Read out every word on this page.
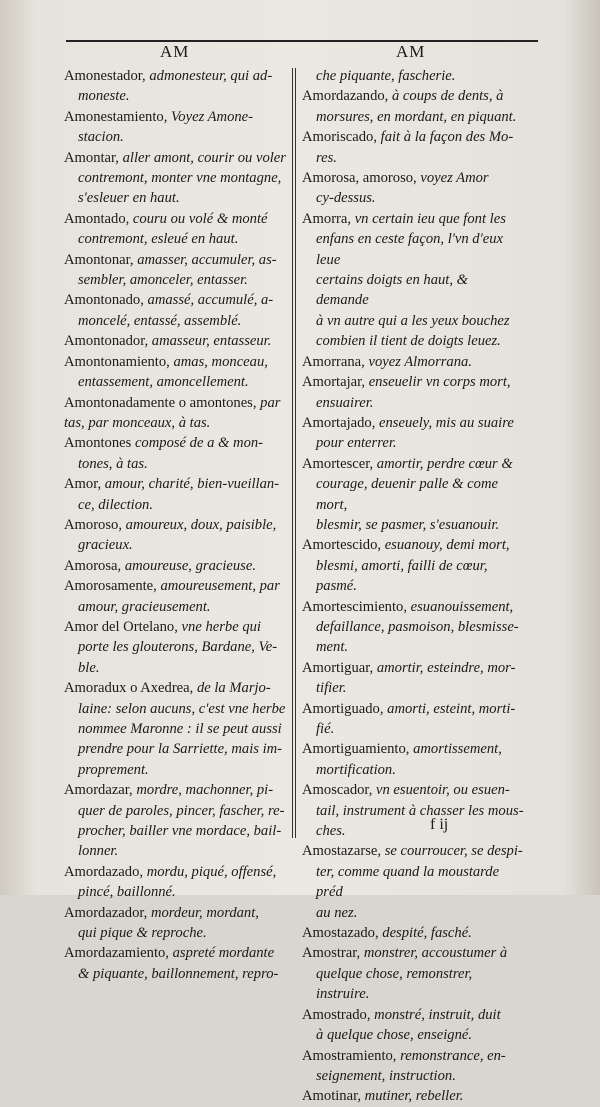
AM	AM
Amonestador, admonesteur, qui ad-
moneste.
Amonestamiento, Voyez Amone-
stacion.
Amontar, aller amont, courir ou voler
contremont, monter vne montagne,
s'esleuer en haut.
Amontado, couru ou volé & monté
contremont, esleué en haut.
Amontonar, amasser, accumuler, as-
sembler, amonceler, entasser.
Amontonado, amassé, accumulé, a-
moncelé, entassé, assemblé.
Amontonador, amasseur, entasseur.
Amontonamiento, amas, monceau,
entassement, amoncellement.
Amontonadamente o amontones, par tas, par monceaux, à tas.
Amontones composé de a & mon-
tones, à tas.
Amor, amour, charité, bien-vueillan-
ce, dilection.
Amoroso, amoureux, doux, paisible,
gracieux.
Amorosa, amoureuse, gracieuse.
Amorosamente, amoureusement, par
amour, gracieusement.
Amor del Ortelano, vne herbe qui
porte les glouterons, Bardane, Ve-
ble.
Amoradux o Axedrea, de la Marjo-
laine: selon aucuns, c'est vne herbe
nommee Maronne : il se peut aussi
prendre pour la Sarriette, mais im-
proprement.
Amordazar, mordre, machonner, pi-
quer de paroles, pincer, fascher, re-
procher, bailler vne mordace, bail-
lonner.
Amordazado, mordu, piqué, offensé,
pincé, baillonné.
Amordazador, mordeur, mordant,
qui pique & reproche.
Amordazamiento, aspreté mordante
& piquante, baillonnement, repro-
che piquante, fascherie.
Amordazando, à coups de dents, à
morsures, en mordant, en piquant.
Amoriscado, fait à la façon des Mo-
res.
Amorosa, amoroso, voyez Amor
cy-dessus.
Amorra, vn certain ieu que font les
enfans en ceste façon, l'vn d'eux leue
certains doigts en haut, & demande
à vn autre qui a les yeux bouchez
combien il tient de doigts leuez.
Amorrana, voyez Almorrana.
Amortajar, enseuelir vn corps mort,
ensuairer.
Amortajado, enseuely, mis au suaire
pour enterrer.
Amortescer, amortir, perdre cœur &
courage, deuenir palle & come mort,
blesmir, se pasmer, s'esuanouir.
Amortescido, esuanouy, demi mort,
blesmi, amorti, failli de cœur, pasmé.
Amortescimiento, esuanouissement,
defaillance, pasmoison, blesmisse-
ment.
Amortiguar, amortir, esteindre, mor-
tifier.
Amortiguado, amorti, esteint, morti-
fié.
Amortiguamiento, amortissement,
mortification.
Amoscador, vn esuentoir, ou esuen-
tail, instrument à chasser les mous-
ches.
Amostazarse, se courroucer, se despi-
ter, comme quand la moustarde préd
au nez.
Amostazado, despité, fasché.
Amostrar, monstrer, accoustumer à
quelque chose, remonstrer, instruire.
Amostrado, monstré, instruit, duit
à quelque chose, enseigné.
Amostramiento, remonstrance, en-
seignement, instruction.
Amotinar, mutiner, rebeller.
f ij
